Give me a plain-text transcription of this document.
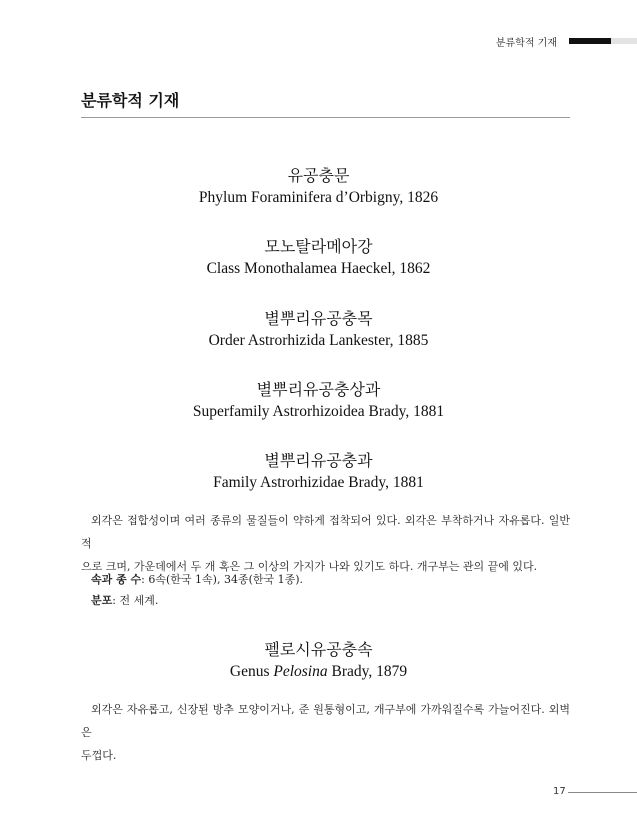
분류학적 기재
분류학적 기재
유공충문
Phylum Foraminifera d’Orbigny, 1826
모노탈라메아강
Class Monothalamea Haeckel, 1862
별뿌리유공충목
Order Astrorhizida Lankester, 1885
별뿌리유공충상과
Superfamily Astrorhizoidea Brady, 1881
별뿌리유공충과
Family Astrorhizidae Brady, 1881
외각은 접합성이며 여러 종류의 물질들이 약하게 접착되어 있다. 외각은 부착하거나 자유롭다. 일반적
으로 크며, 가운데에서 두 개 혹은 그 이상의 가지가 나와 있기도 하다. 개구부는 관의 끝에 있다.
속과 종 수: 6속(한국 1속), 34종(한국 1종).
분포: 전 세계.
펠로시유공충속
Genus Pelosina Brady, 1879
외각은 자유롭고, 신장된 방추 모양이거나, 준 원통형이고, 개구부에 가까워질수록 가늘어진다. 외벽은
두껍다.
17
